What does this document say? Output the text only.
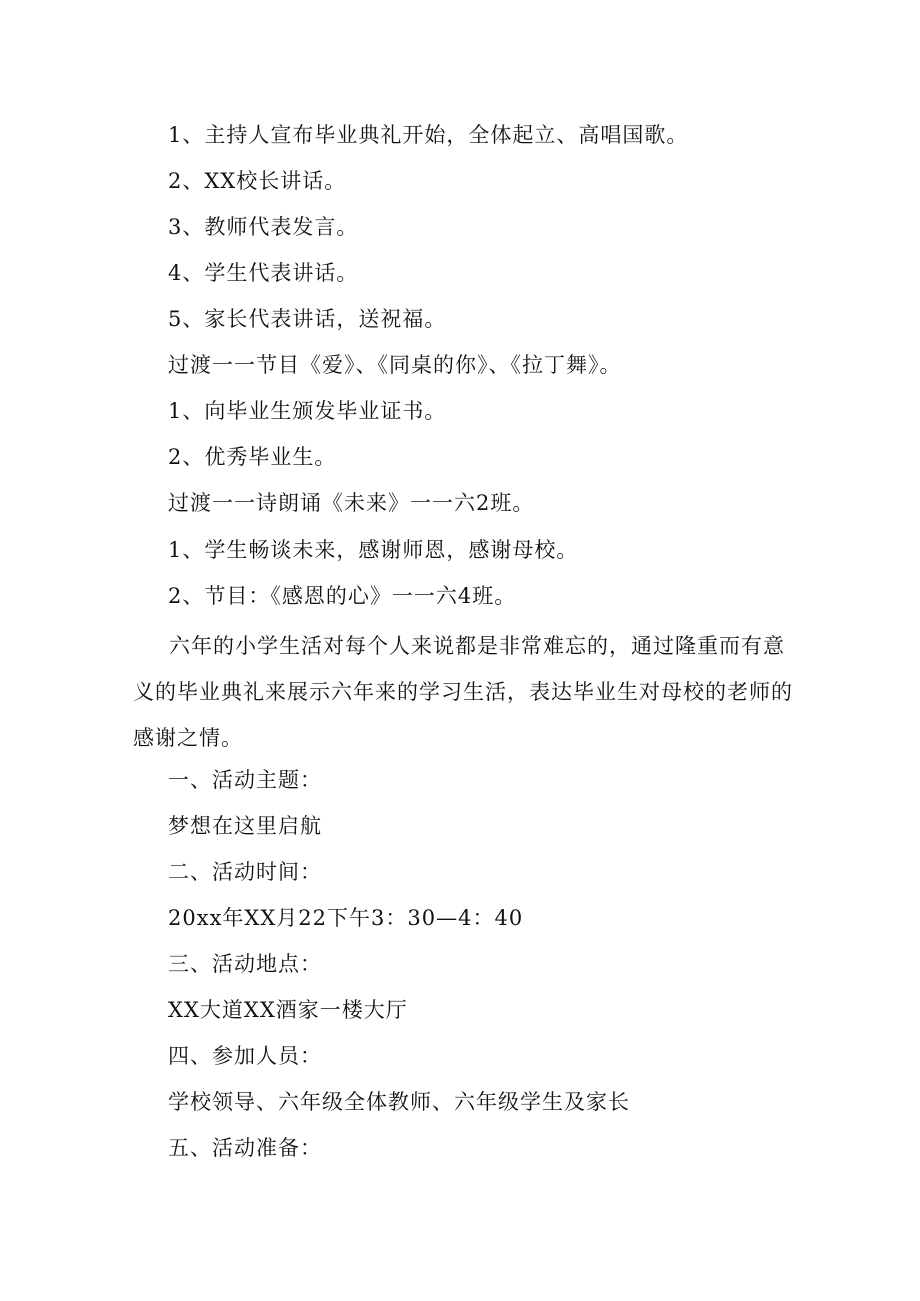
1、主持人宣布毕业典礼开始，全体起立、高唱国歌。
2、XX校长讲话。
3、教师代表发言。
4、学生代表讲话。
5、家长代表讲话，送祝福。
过渡一一节目《爱》、《同桌的你》、《拉丁舞》。
1、向毕业生颁发毕业证书。
2、优秀毕业生。
过渡一一诗朗诵《未来》一一六2班。
1、学生畅谈未来，感谢师恩，感谢母校。
2、节目：《感恩的心》一一六4班。
六年的小学生活对每个人来说都是非常难忘的，通过隆重而有意义的毕业典礼来展示六年来的学习生活，表达毕业生对母校的老师的感谢之情。
一、活动主题：
梦想在这里启航
二、活动时间：
20xx年XX月22下午3：30—4：40
三、活动地点：
XX大道XX酒家一楼大厅
四、参加人员：
学校领导、六年级全体教师、六年级学生及家长
五、活动准备：
